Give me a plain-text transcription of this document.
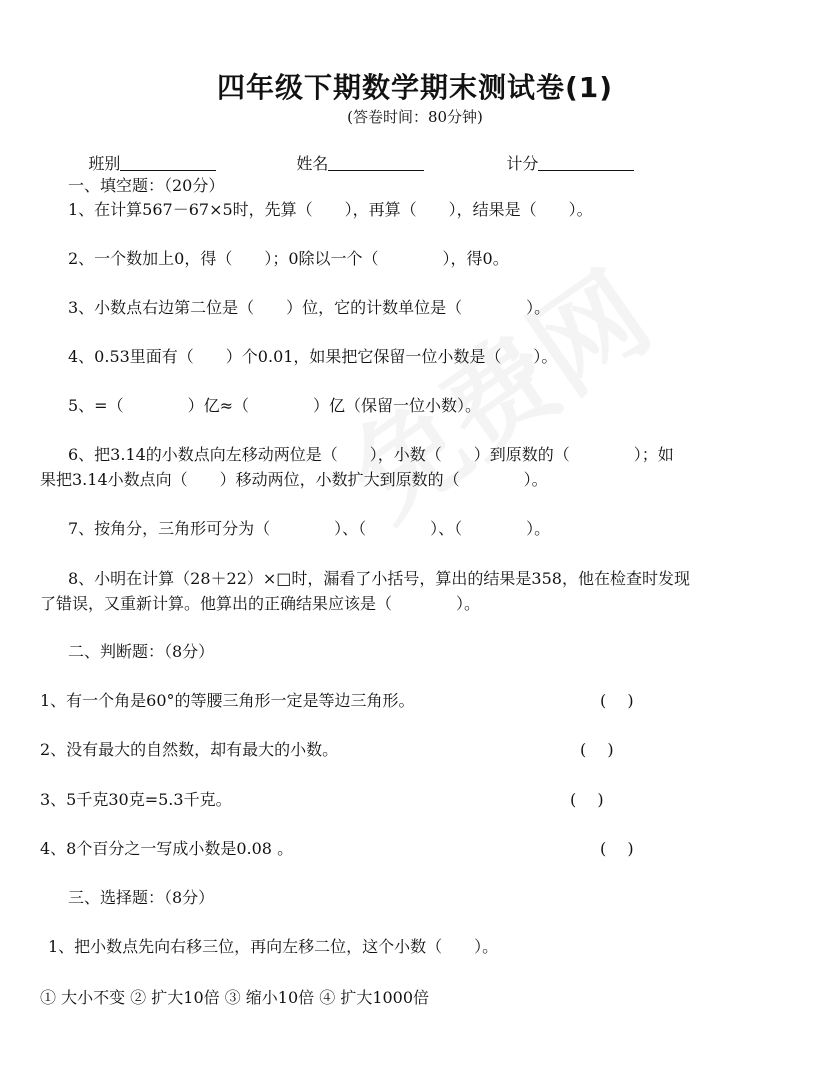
四年级下期数学期末测试卷(1)
(答卷时间：80分钟)

班别
	姓名
	计分

一、填空题：（20分）
1、在计算567－67×5时，先算（　　），再算（　　），结果是（　　）。
2、一个数加上0，得（　　）；0除以一个（　　　　），得0。
3、小数点右边第二位是（　　）位，它的计数单位是（　　　　）。
4、0.53里面有（　　）个0.01，如果把它保留一位小数是（　　）。
5、=（　　　　）亿≈（　　　　）亿（保留一位小数）。
6、把3.14的小数点向左移动两位是（　　），小数（　　）到原数的（　　　　）；如
果把3.14小数点向（　　）移动两位，小数扩大到原数的（　　　　）。
7、按角分，三角形可分为（　　　　）、（　　　　）、（　　　　）。
8、小明在计算（28＋22）×□时，漏看了小括号，算出的结果是358，他在检查时发现
了错误，又重新计算。他算出的正确结果应该是（　　　　）。
二、判断题：（8分）
1、有一个角是60°的等腰三角形一定是等边三角形。	(　 )
2、没有最大的自然数，却有最大的小数。	(　 )
3、5千克30克=5.3千克。	(　 )
4、8个百分之一写成小数是0.08 。	(　 )
三、选择题：（8分）
1、把小数点先向右移三位，再向左移二位，这个小数（　　）。
① 大小不变 ② 扩大10倍 ③ 缩小10倍 ④ 扩大1000倍
